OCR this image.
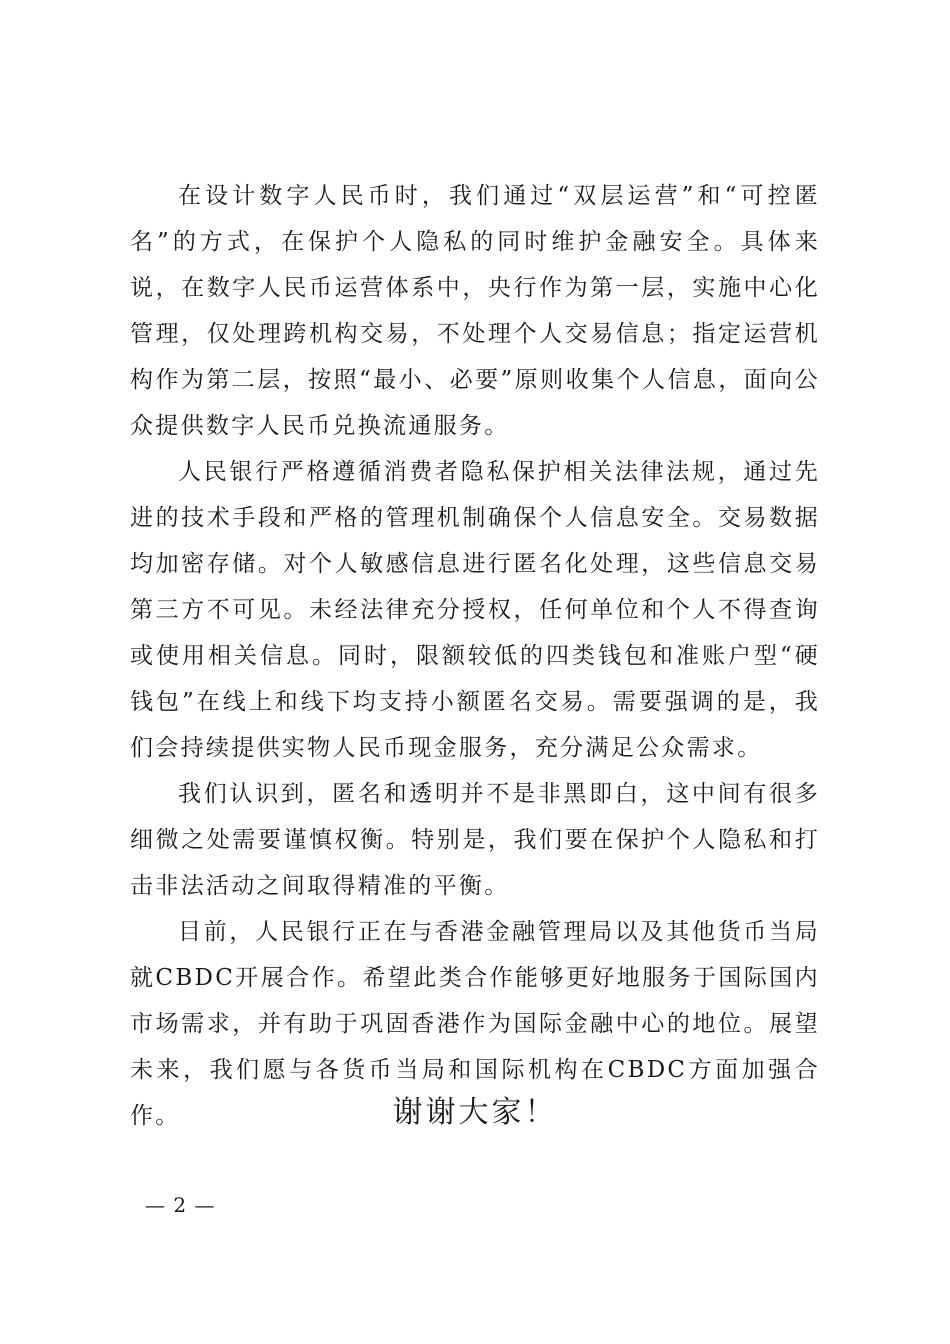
在设计数字人民币时，我们通过“双层运营”和“可控匿名”的方式，在保护个人隐私的同时维护金融安全。具体来说，在数字人民币运营体系中，央行作为第一层，实施中心化管理，仅处理跨机构交易，不处理个人交易信息；指定运营机构作为第二层，按照“最小、必要”原则收集个人信息，面向公众提供数字人民币兑换流通服务。

人民银行严格遵循消费者隐私保护相关法律法规，通过先进的技术手段和严格的管理机制确保个人信息安全。交易数据均加密存储。对个人敏感信息进行匿名化处理，这些信息交易第三方不可见。未经法律充分授权，任何单位和个人不得查询或使用相关信息。同时，限额较低的四类钱包和准账户型“硬钱包”在线上和线下均支持小额匿名交易。需要强调的是，我们会持续提供实物人民币现金服务，充分满足公众需求。

我们认识到，匿名和透明并不是非黑即白，这中间有很多细微之处需要谨慎权衡。特别是，我们要在保护个人隐私和打击非法活动之间取得精准的平衡。

目前，人民银行正在与香港金融管理局以及其他货币当局就CBDC开展合作。希望此类合作能够更好地服务于国际国内市场需求，并有助于巩固香港作为国际金融中心的地位。展望未来，我们愿与各货币当局和国际机构在CBDC方面加强合作。	谢谢大家！

— 2 —
